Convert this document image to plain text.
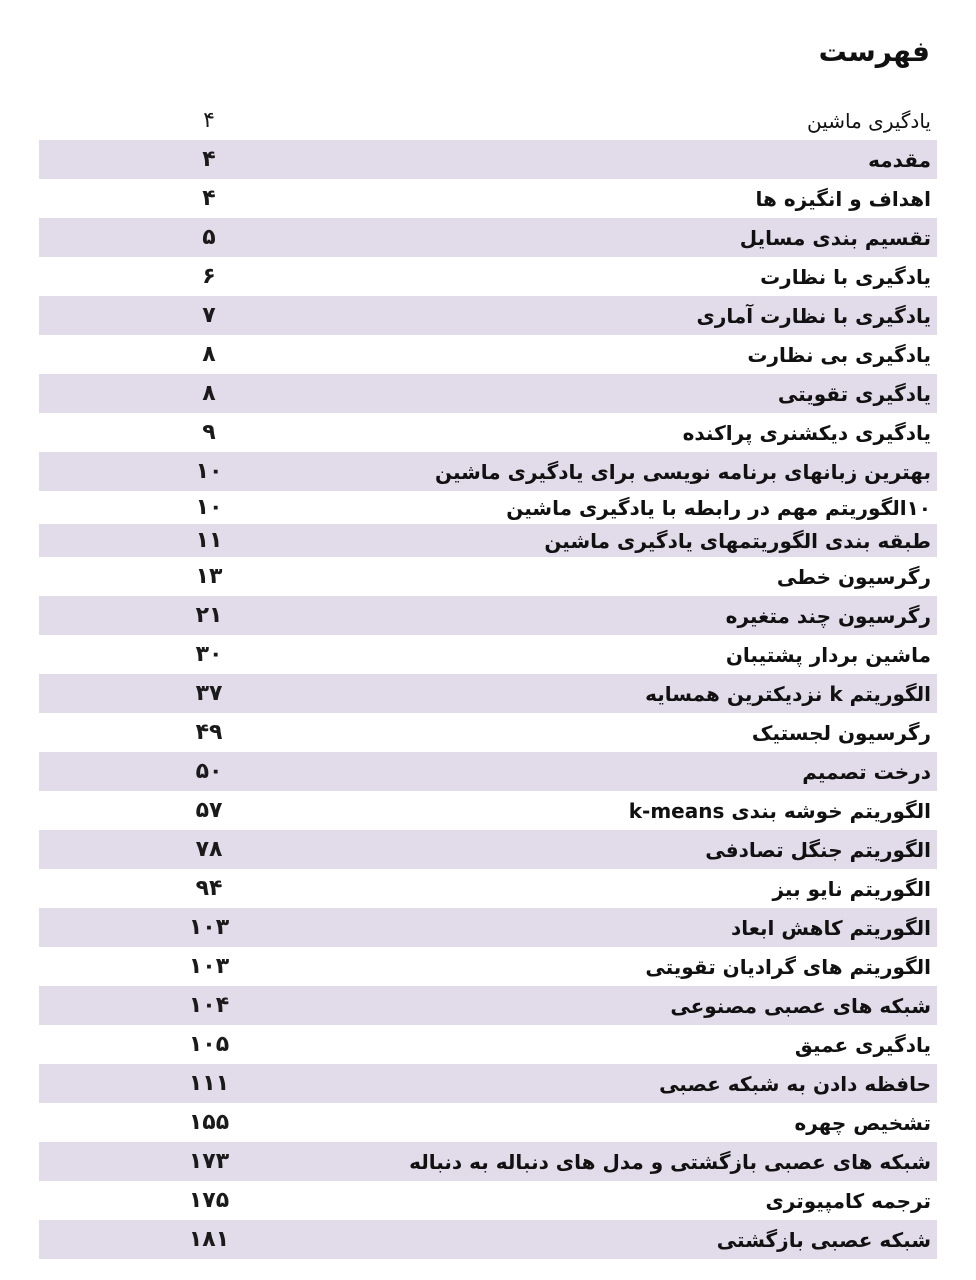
فهرست
یادگیری ماشین
۴
مقدمه
۴
اهداف و انگیزه ها
۴
تقسیم بندی مسایل
۵
یادگیری با نظارت
۶
یادگیری با نظارت آماری
۷
یادگیری بی نظارت
۸
یادگیری تقویتی
۸
یادگیری دیکشنری پراکنده
۹
بهترین زبانهای برنامه نویسی برای یادگیری ماشین
۱۰
۱۰الگوریتم مهم در رابطه با یادگیری ماشین
۱۰
طبقه بندی الگوریتمهای یادگیری ماشین
۱۱
رگرسیون خطی
۱۳
رگرسیون چند متغیره
۲۱
ماشین بردار پشتیبان
۳۰
الگوریتم k نزدیکترین همسایه
۳۷
رگرسیون لجستیک
۴۹
درخت تصمیم
۵۰
الگوریتم خوشه بندی k-means
۵۷
الگوریتم جنگل تصادفی
۷۸
الگوریتم نایو بیز
۹۴
الگوریتم کاهش ابعاد
۱۰۳
الگوریتم های گرادیان تقویتی
۱۰۳
شبکه های عصبی مصنوعی
۱۰۴
یادگیری عمیق
۱۰۵
حافظه دادن به شبکه عصبی
۱۱۱
تشخیص چهره
۱۵۵
شبکه های عصبی بازگشتی و مدل های دنباله به دنباله
۱۷۳
ترجمه کامپیوتری
۱۷۵
شبکه عصبی بازگشتی
۱۸۱
